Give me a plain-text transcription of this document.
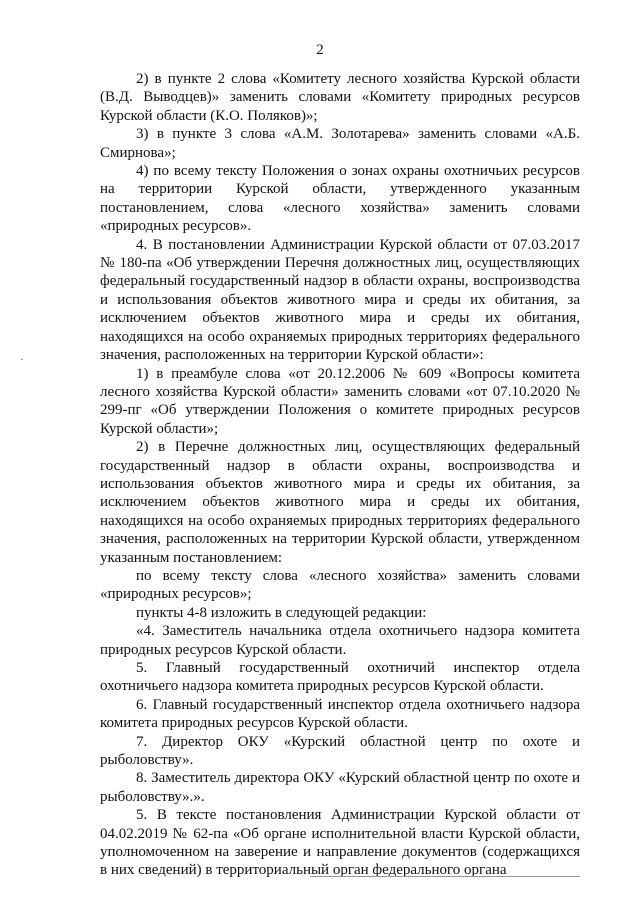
2
·

2) в пункте 2 слова «Комитету лесного хозяйства Курской области (В.Д. Выводцев)» заменить словами «Комитету природных ресурсов Курской области (К.О. Поляков)»;

3) в пункте 3 слова «А.М. Золотарева» заменить словами «А.Б. Смирнова»;

4) по всему тексту Положения о зонах охраны охотничьих ресурсов на территории Курской области, утвержденного указанным постановлением, слова «лесного хозяйства» заменить словами «природных ресурсов».

4. В постановлении Администрации Курской области от 07.03.2017 № 180-па «Об утверждении Перечня должностных лиц, осуществляющих федеральный государственный надзор в области охраны, воспроизводства и использования объектов животного мира и среды их обитания, за исключением объектов животного мира и среды их обитания, находящихся на особо охраняемых природных территориях федерального значения, расположенных на территории Курской области»:

1) в преамбуле слова «от 20.12.2006 № 609 «Вопросы комитета лесного хозяйства Курской области» заменить словами «от 07.10.2020 № 299-пг «Об утверждении Положения о комитете природных ресурсов Курской области»;

2) в Перечне должностных лиц, осуществляющих федеральный государственный надзор в области охраны, воспроизводства и использования объектов животного мира и среды их обитания, за исключением объектов животного мира и среды их обитания, находящихся на особо охраняемых природных территориях федерального значения, расположенных на территории Курской области, утвержденном указанным постановлением:

по всему тексту слова «лесного хозяйства» заменить словами «природных ресурсов»;

пункты 4-8 изложить в следующей редакции:

«4. Заместитель начальника отдела охотничьего надзора комитета природных ресурсов Курской области.

5. Главный государственный охотничий инспектор отдела охотничьего надзора комитета природных ресурсов Курской области.

6. Главный государственный инспектор отдела охотничьего надзора комитета природных ресурсов Курской области.

7. Директор ОКУ «Курский областной центр по охоте и рыболовству».

8. Заместитель директора ОКУ «Курский областной центр по охоте и рыболовству».».

5. В тексте постановления Администрации Курской области от 04.02.2019 № 62-па «Об органе исполнительной власти Курской области, уполномоченном на заверение и направление документов (содержащихся в них сведений) в территориальный орган федерального органа
